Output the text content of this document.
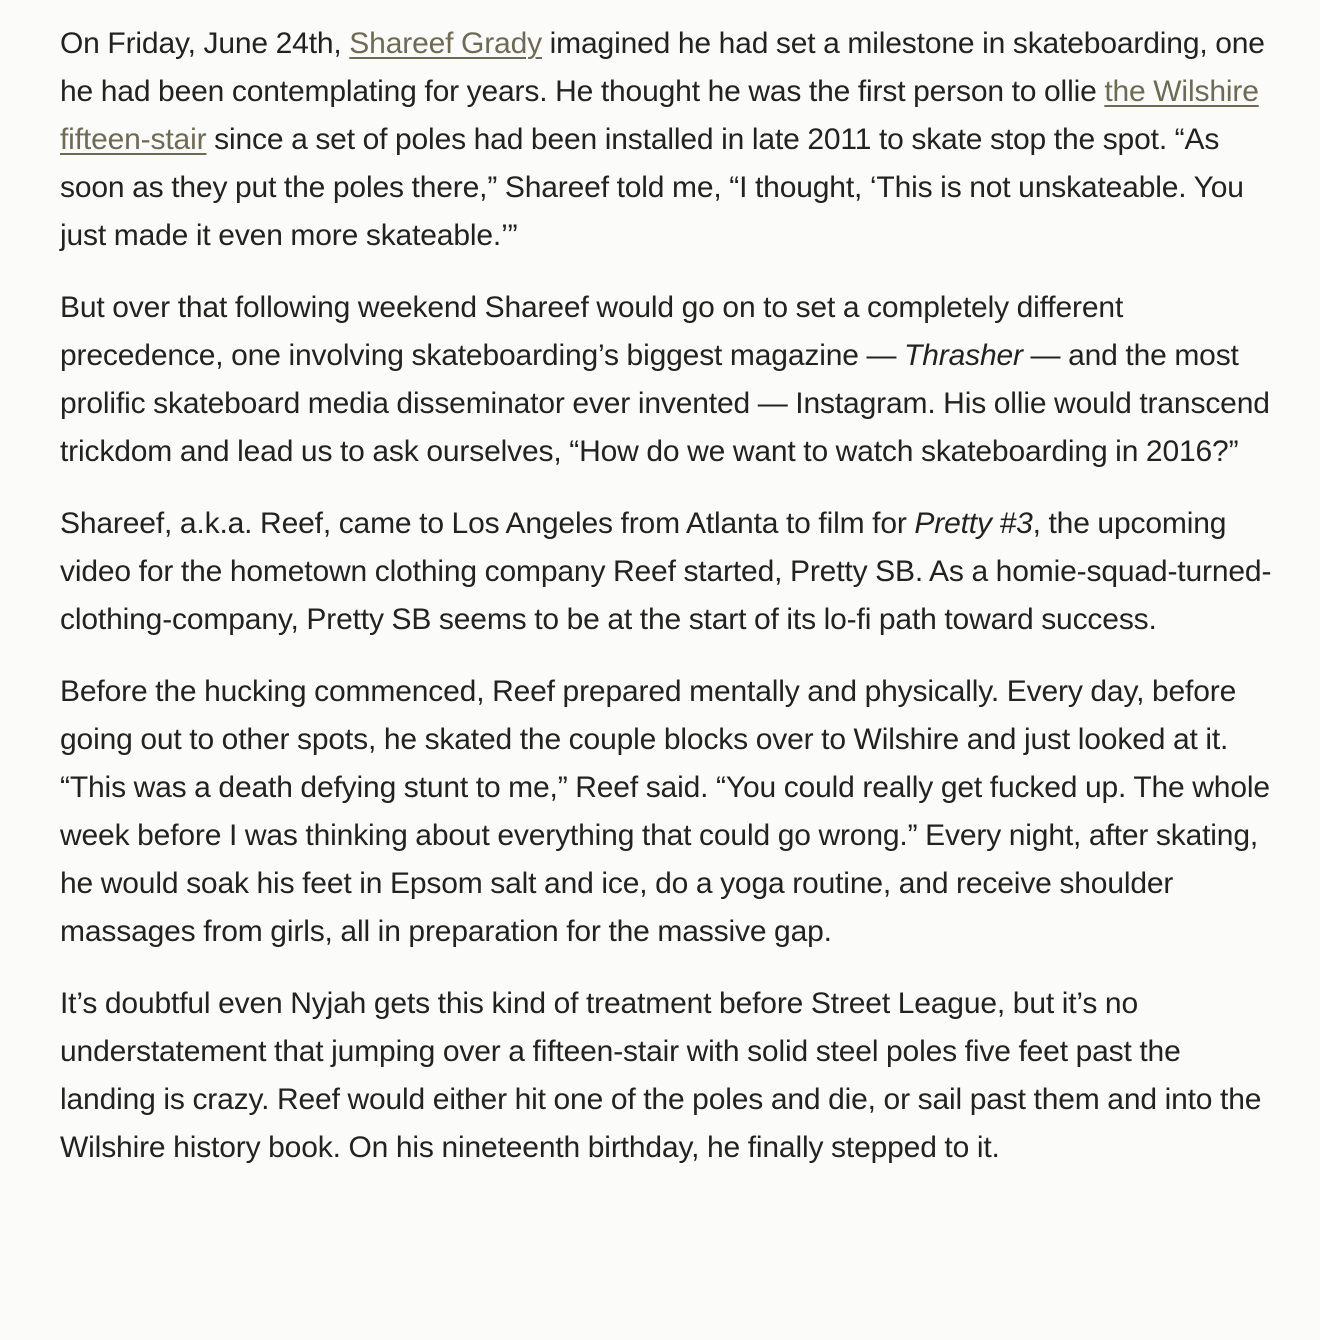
On Friday, June 24th, Shareef Grady imagined he had set a milestone in skateboarding, one he had been contemplating for years. He thought he was the first person to ollie the Wilshire fifteen-stair since a set of poles had been installed in late 2011 to skate stop the spot. “As soon as they put the poles there,” Shareef told me, “I thought, ‘This is not unskateable. You just made it even more skateable.’”

But over that following weekend Shareef would go on to set a completely different precedence, one involving skateboarding’s biggest magazine — Thrasher — and the most prolific skateboard media disseminator ever invented — Instagram. His ollie would transcend trickdom and lead us to ask ourselves, “How do we want to watch skateboarding in 2016?”

Shareef, a.k.a. Reef, came to Los Angeles from Atlanta to film for Pretty #3, the upcoming video for the hometown clothing company Reef started, Pretty SB. As a homie-squad-turned-clothing-company, Pretty SB seems to be at the start of its lo-fi path toward success.

Before the hucking commenced, Reef prepared mentally and physically. Every day, before going out to other spots, he skated the couple blocks over to Wilshire and just looked at it. “This was a death defying stunt to me,” Reef said. “You could really get fucked up. The whole week before I was thinking about everything that could go wrong.” Every night, after skating, he would soak his feet in Epsom salt and ice, do a yoga routine, and receive shoulder massages from girls, all in preparation for the massive gap.

It’s doubtful even Nyjah gets this kind of treatment before Street League, but it’s no understatement that jumping over a fifteen-stair with solid steel poles five feet past the landing is crazy. Reef would either hit one of the poles and die, or sail past them and into the Wilshire history book. On his nineteenth birthday, he finally stepped to it.
